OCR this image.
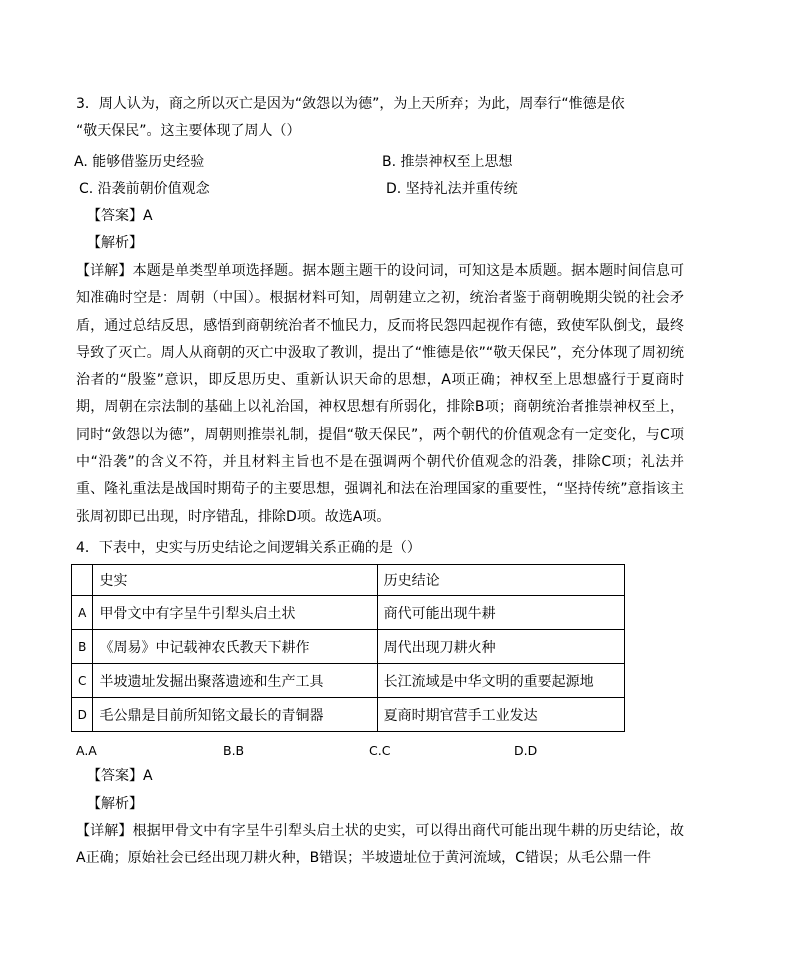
3．周人认为，商之所以灭亡是因为“敛怨以为德”，为上天所弃；为此，周奉行“惟德是依
“敬天保民”。这主要体现了周人（）
A. 能够借鉴历史经验	B. 推崇神权至上思想
C. 沿袭前朝价值观念	D. 坚持礼法并重传统
【答案】A
【解析】
【详解】本题是单类型单项选择题。据本题主题干的设问词，可知这是本质题。据本题时间信息可知准确时空是：周朝（中国）。根据材料可知，周朝建立之初，统治者鉴于商朝晚期尖锐的社会矛盾，通过总结反思，感悟到商朝统治者不恤民力，反而将民怨四起视作有德，致使军队倒戈，最终导致了灭亡。周人从商朝的灭亡中汲取了教训，提出了“惟德是依”“敬天保民”，充分体现了周初统治者的“殷鉴”意识，即反思历史、重新认识天命的思想，A项正确；神权至上思想盛行于夏商时期，周朝在宗法制的基础上以礼治国，神权思想有所弱化，排除B项；商朝统治者推崇神权至上，同时“敛怨以为德”，周朝则推崇礼制，提倡“敬天保民”，两个朝代的价值观念有一定变化，与C项中“沿袭”的含义不符，并且材料主旨也不是在强调两个朝代价值观念的沿袭，排除C项；礼法并重、隆礼重法是战国时期荀子的主要思想，强调礼和法在治理国家的重要性，“坚持传统”意指该主张周初即已出现，时序错乱，排除D项。故选A项。
4．下表中，史实与历史结论之间逻辑关系正确的是（）
	史实	历史结论
A	甲骨文中有字呈牛引犁头启土状	商代可能出现牛耕
B	《周易》中记载神农氏教天下耕作	周代出现刀耕火种
C	半坡遗址发掘出聚落遗迹和生产工具	长江流域是中华文明的重要起源地
D	毛公鼎是目前所知铭文最长的青铜器	夏商时期官营手工业发达
A.A	B.B	C.C	D.D
【答案】A
【解析】
【详解】根据甲骨文中有字呈牛引犁头启土状的史实，可以得出商代可能出现牛耕的历史结论，故A正确；原始社会已经出现刀耕火种，B错误；半坡遗址位于黄河流域，C错误；从毛公鼎一件
